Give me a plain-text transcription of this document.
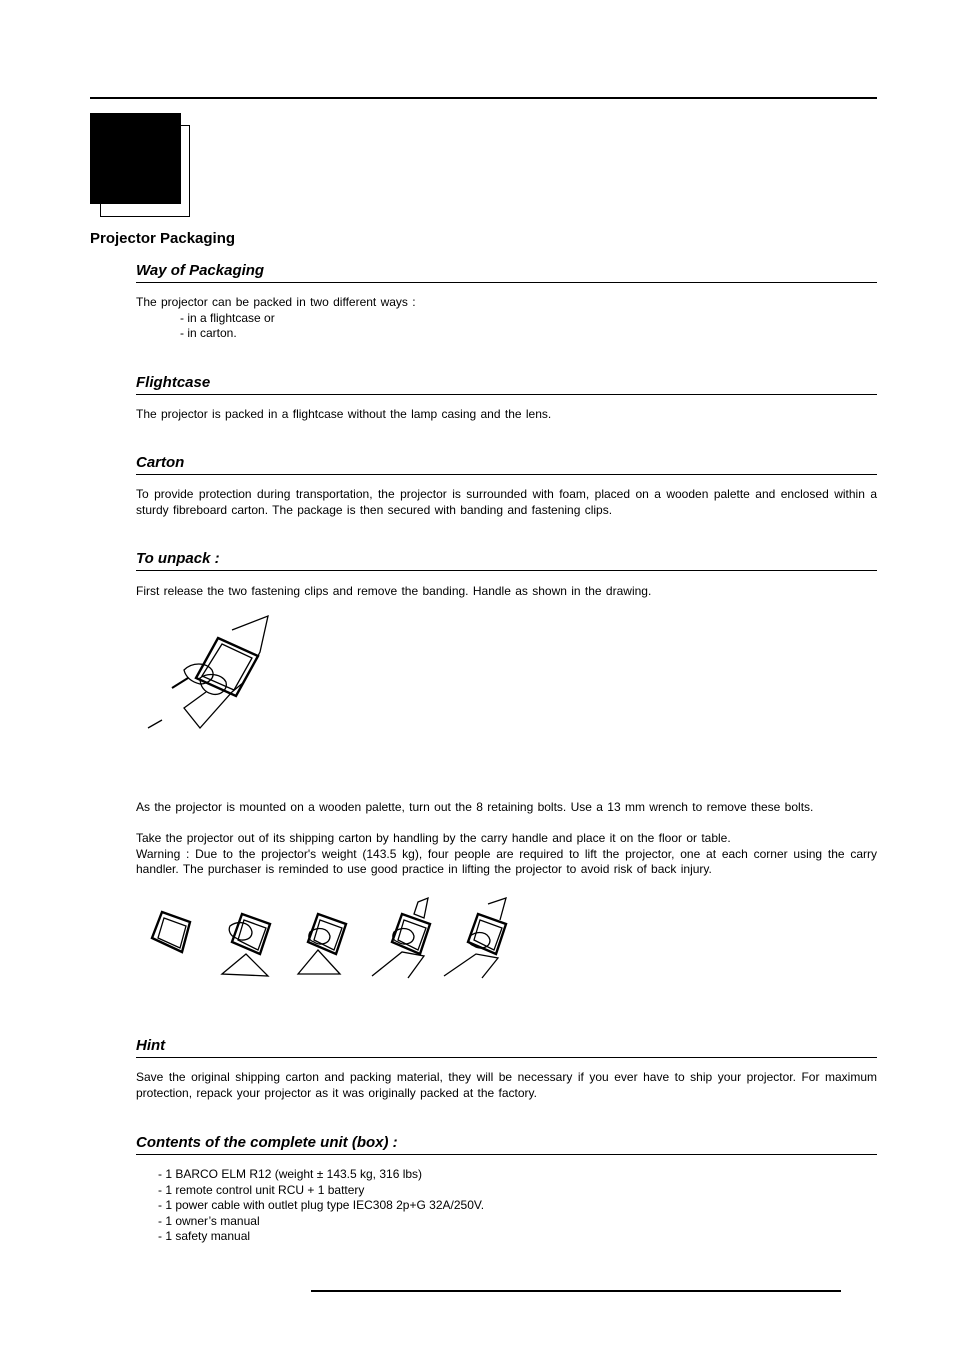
Projector Packaging
Way of Packaging

The projector can be packed in two different ways :

- in a flightcase or
- in carton.
Flightcase

The projector is packed in a flightcase without the lamp casing and the lens.

Carton

To provide protection during transportation, the projector is surrounded with foam, placed on a wooden palette and enclosed within a sturdy fibreboard carton. The package is then secured with banding and fastening clips.

To unpack :

First release the two fastening clips and remove the banding. Handle as shown in the drawing.

As the projector is mounted on a wooden palette, turn out the 8 retaining bolts. Use a 13 mm wrench to remove these bolts.

Take the projector out of its shipping carton by handling by the carry handle and place it on the floor or table.

Warning : Due to the projector's weight (143.5 kg), four people are required to lift the projector, one at each corner using the carry handler. The purchaser is reminded to use good practice in lifting the projector to avoid risk of back injury.

Hint

Save the original shipping carton and packing material, they will be necessary if you ever have to ship your projector. For maximum protection, repack your projector as it was originally packed at the factory.

Contents of the complete unit (box) :
- 1 BARCO ELM R12 (weight ± 143.5 kg, 316 lbs)
- 1 remote control unit RCU + 1 battery
- 1 power cable with outlet plug type IEC308 2p+G 32A/250V.
- 1 owner’s manual
- 1 safety manual
